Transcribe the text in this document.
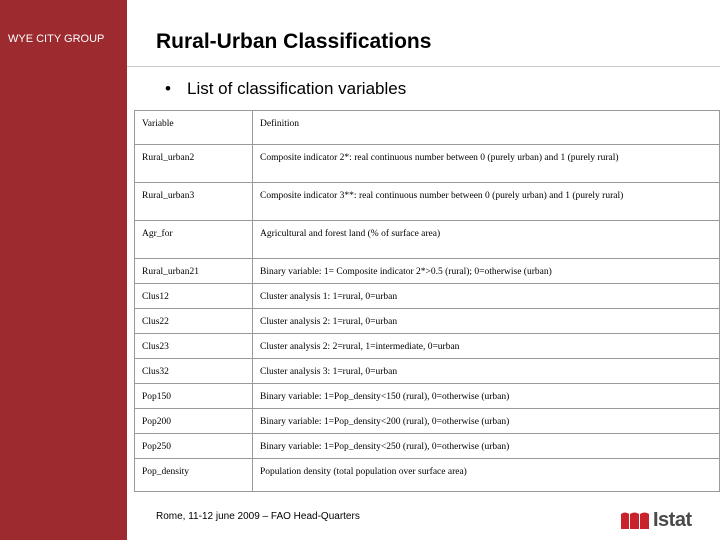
WYE CITY GROUP Rural-Urban Classifications
• List of classification variables
Variable	Definition
Rural_urban2	Composite indicator 2*: real continuous number between 0 (purely urban) and 1 (purely rural)
Rural_urban3	Composite indicator 3**: real continuous number between 0 (purely urban) and 1 (purely rural)
Agr_for	Agricultural and forest land (% of surface area)
Rural_urban21	Binary variable: 1= Composite indicator 2*>0.5 (rural); 0=otherwise (urban)
Clus12	Cluster analysis 1: 1=rural, 0=urban
Clus22	Cluster analysis 2: 1=rural, 0=urban
Clus23	Cluster analysis 2: 2=rural, 1=intermediate, 0=urban
Clus32	Cluster analysis 3: 1=rural, 0=urban
Pop150	Binary variable: 1=Pop_density<150 (rural), 0=otherwise (urban)
Pop200	Binary variable: 1=Pop_density<200 (rural), 0=otherwise (urban)
Pop250	Binary variable: 1=Pop_density<250 (rural), 0=otherwise (urban)
Pop_density	Population density (total population over surface area)
Rome, 11-12 june 2009 – FAO Head-Quarters	Istat
